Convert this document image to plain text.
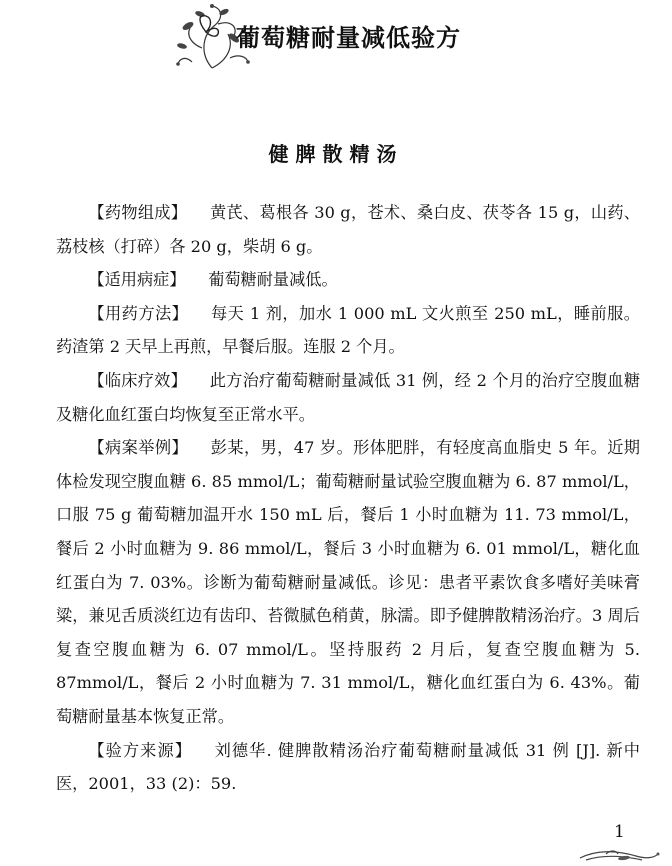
葡萄糖耐量减低验方
健脾散精汤

【药物组成】 黄芪、葛根各 30 g，苍术、桑白皮、茯苓各 15 g，山药、荔枝核（打碎）各 20 g，柴胡 6 g。

【适用病症】 葡萄糖耐量减低。

【用药方法】 每天 1 剂，加水 1 000 mL 文火煎至 250 mL，睡前服。药渣第 2 天早上再煎，早餐后服。连服 2 个月。

【临床疗效】 此方治疗葡萄糖耐量减低 31 例，经 2 个月的治疗空腹血糖及糖化血红蛋白均恢复至正常水平。

【病案举例】 彭某，男，47 岁。形体肥胖，有轻度高血脂史 5 年。近期体检发现空腹血糖 6. 85 mmol/L；葡萄糖耐量试验空腹血糖为 6. 87 mmol/L，口服 75 g 葡萄糖加温开水 150 mL 后，餐后 1 小时血糖为 11. 73 mmol/L，餐后 2 小时血糖为 9. 86 mmol/L，餐后 3 小时血糖为 6. 01 mmol/L，糖化血红蛋白为 7. 03%。诊断为葡萄糖耐量减低。诊见：患者平素饮食多嗜好美味膏粱，兼见舌质淡红边有齿印、苔微腻色稍黄，脉濡。即予健脾散精汤治疗。3 周后复查空腹血糖为 6. 07 mmol/L。坚持服药 2 月后，复查空腹血糖为 5. 87mmol/L，餐后 2 小时血糖为 7. 31 mmol/L，糖化血红蛋白为 6. 43%。葡萄糖耐量基本恢复正常。

【验方来源】 刘德华. 健脾散精汤治疗葡萄糖耐量减低 31 例 [J]. 新中医，2001，33 (2)：59.

1
